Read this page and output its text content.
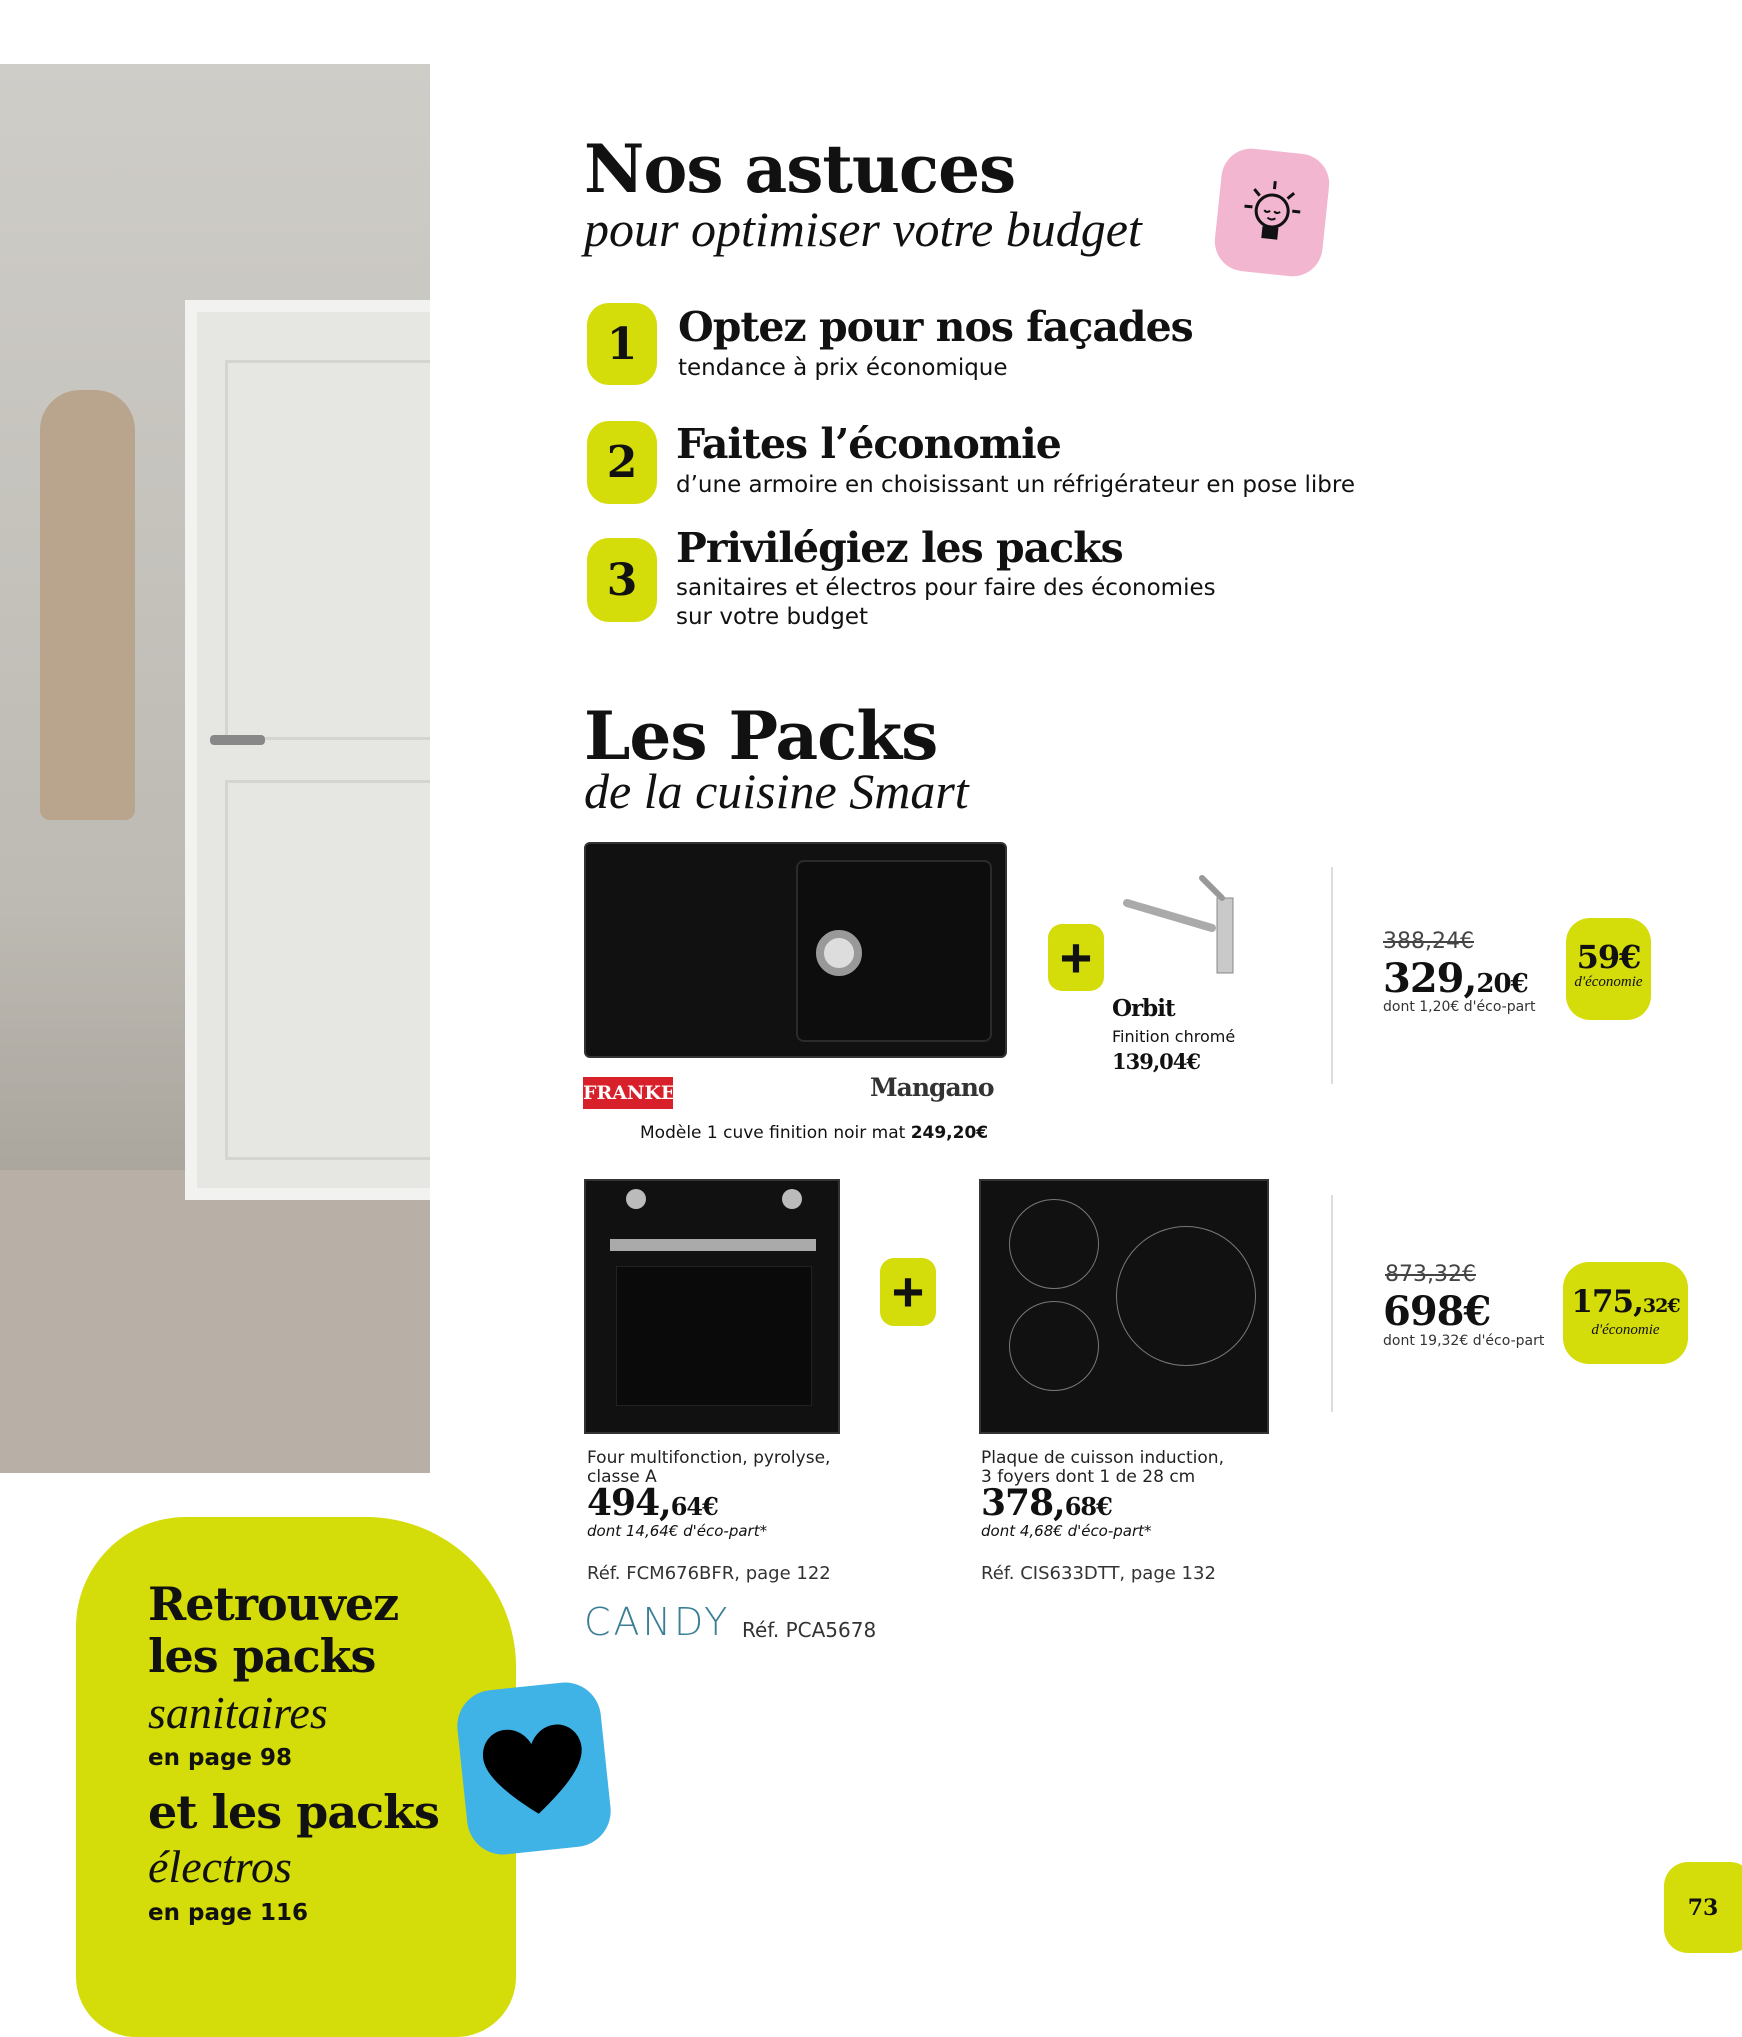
Nos astuces
pour optimiser votre budget
1 Optez pour nos façades
tendance à prix économique
2 Faites l’économie
d’une armoire en choisissant un réfrigérateur en pose libre
3
Privilégiez les packs
sanitaires et électros pour faire des économies
sur votre budget
Les Packs
de la cuisine Smart
+
Orbit
Finition chromé
139,04€
388,24€
329,20€
dont 1,20€ d'éco-part
59€
d'économie
FRANKE	Mangano
Modèle 1 cuve finition noir mat 249,20€
+
Four multifonction, pyrolyse,
classe A
494,64€
dont 14,64€ d'éco-part*
Réf. FCM676BFR, page 122
Plaque de cuisson induction,
3 foyers dont 1 de 28 cm
378,68€
dont 4,68€ d'éco-part*
Réf. CIS633DTT, page 132
CANDY Réf. PCA5678
873,32€
698€
dont 19,32€ d'éco-part
175,32€
d'économie
Retrouvez
les packs
sanitaires
en page 98
et les packs
électros
en page 116	73
